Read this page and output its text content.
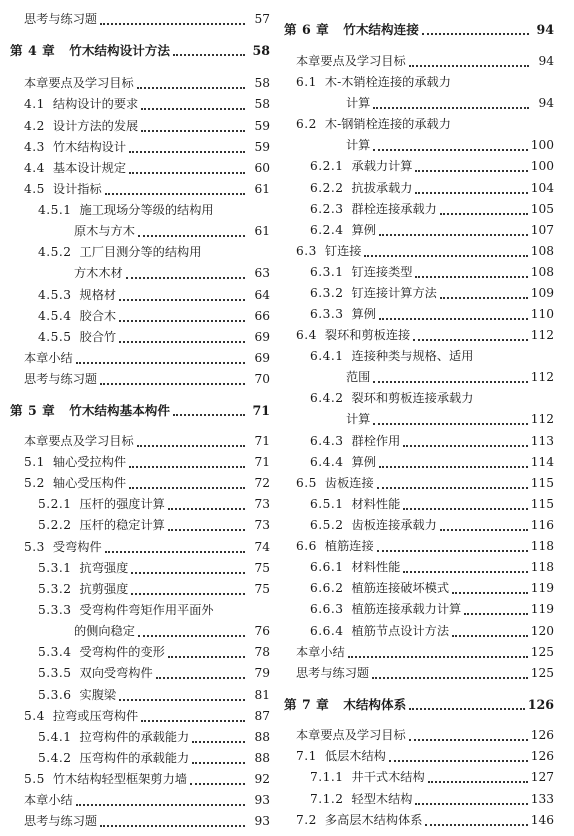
思考与练习题	57
第 4 章 竹木结构设计方法	58
本章要点及学习目标	58
4.1 结构设计的要求	58
4.2 设计方法的发展	59
4.3 竹木结构设计	59
4.4 基本设计规定	60
4.5 设计指标	61
4.5.1 施工现场分等级的结构用
原木与方木	61
4.5.2 工厂目测分等的结构用
方木木材	63
4.5.3 规格材	64
4.5.4 胶合木	66
4.5.5 胶合竹	69
本章小结	69
思考与练习题	70
第 5 章 竹木结构基本构件	71
本章要点及学习目标	71
5.1 轴心受拉构件	71
5.2 轴心受压构件	72
5.2.1 压杆的强度计算	73
5.2.2 压杆的稳定计算	73
5.3 受弯构件	74
5.3.1 抗弯强度	75
5.3.2 抗剪强度	75
5.3.3 受弯构件弯矩作用平面外
的侧向稳定	76
5.3.4 受弯构件的变形	78
5.3.5 双向受弯构件	79
5.3.6 实腹梁	81
5.4 拉弯或压弯构件	87
5.4.1 拉弯构件的承载能力	88
5.4.2 压弯构件的承载能力	88
5.5 竹木结构轻型框架剪力墙	92
本章小结	93
思考与练习题	93
第 6 章 竹木结构连接	94
本章要点及学习目标	94
6.1 木-木销栓连接的承载力
计算	94
6.2 木-钢销栓连接的承载力
计算	100
6.2.1 承载力计算	100
6.2.2 抗拔承载力	104
6.2.3 群栓连接承载力	105
6.2.4 算例	107
6.3 钉连接	108
6.3.1 钉连接类型	108
6.3.2 钉连接计算方法	109
6.3.3 算例	110
6.4 裂环和剪板连接	112
6.4.1 连接种类与规格、适用
范围	112
6.4.2 裂环和剪板连接承载力
计算	112
6.4.3 群栓作用	113
6.4.4 算例	114
6.5 齿板连接	115
6.5.1 材料性能	115
6.5.2 齿板连接承载力	116
6.6 植筋连接	118
6.6.1 材料性能	118
6.6.2 植筋连接破坏模式	119
6.6.3 植筋连接承载力计算	119
6.6.4 植筋节点设计方法	120
本章小结	125
思考与练习题	125
第 7 章 木结构体系	126
本章要点及学习目标	126
7.1 低层木结构	126
7.1.1 井干式木结构	127
7.1.2 轻型木结构	133
7.2 多高层木结构体系	146
